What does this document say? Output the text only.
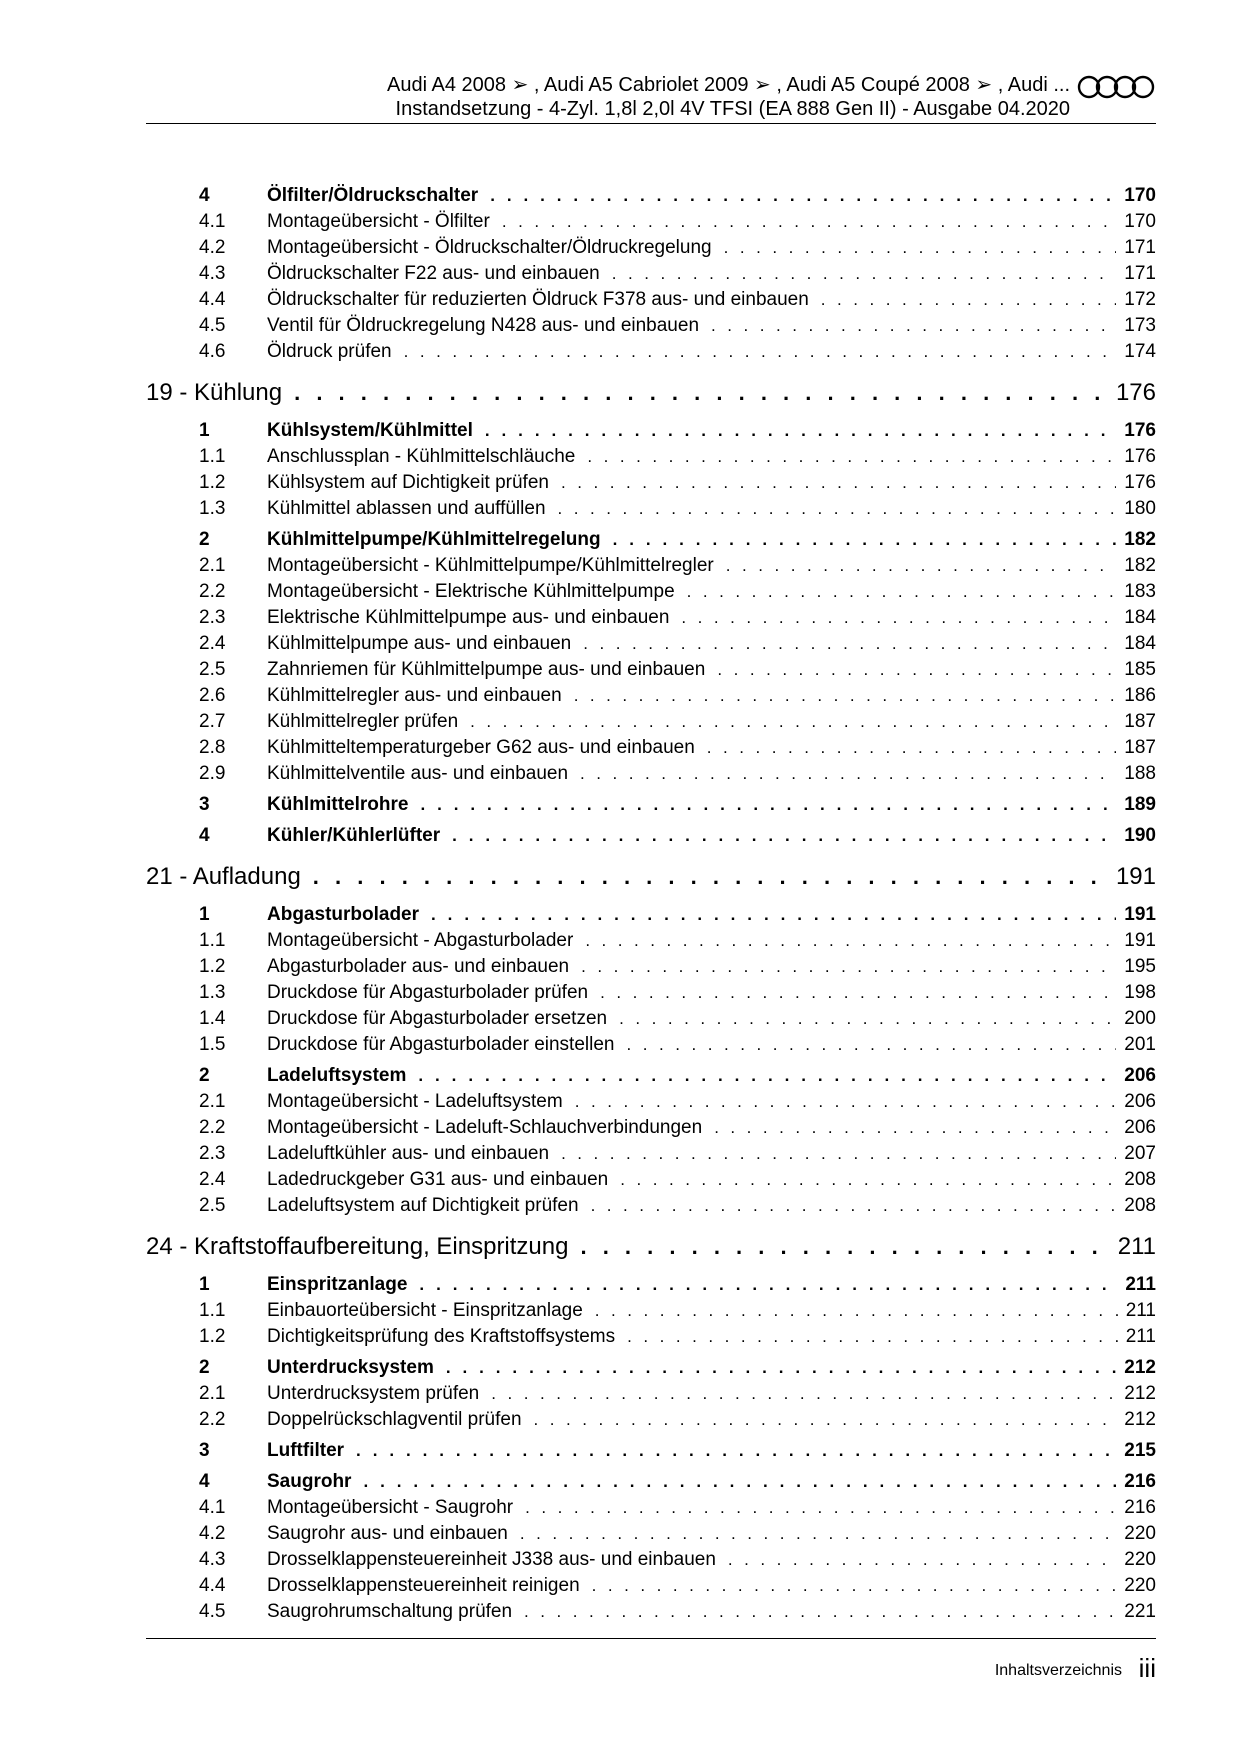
Audi A4 2008 ➢ , Audi A5 Cabriolet 2009 ➢ , Audi A5 Coupé 2008 ➢ , Audi ...
Instandsetzung - 4-Zyl. 1,8l 2,0l 4V TFSI (EA 888 Gen II) - Ausgabe 04.2020
4	Ölfilter/Öldruckschalter . . .	170
4.1	Montageübersicht - Ölfilter . . .	170
4.2	Montageübersicht - Öldruckschalter/Öldruckregelung . . .	171
4.3	Öldruckschalter F22 aus- und einbauen . . .	171
4.4	Öldruckschalter für reduzierten Öldruck F378 aus- und einbauen . . .	172
4.5	Ventil für Öldruckregelung N428 aus- und einbauen . . .	173
4.6	Öldruck prüfen . . .	174
19 - Kühlung . . .	176
1	Kühlsystem/Kühlmittel . . .	176
1.1	Anschlussplan - Kühlmittelschläuche . . .	176
1.2	Kühlsystem auf Dichtigkeit prüfen . . .	176
1.3	Kühlmittel ablassen und auffüllen . . .	180
2	Kühlmittelpumpe/Kühlmittelregelung . . .	182
2.1	Montageübersicht - Kühlmittelpumpe/Kühlmittelregler . . .	182
2.2	Montageübersicht - Elektrische Kühlmittelpumpe . . .	183
2.3	Elektrische Kühlmittelpumpe aus- und einbauen . . .	184
2.4	Kühlmittelpumpe aus- und einbauen . . .	184
2.5	Zahnriemen für Kühlmittelpumpe aus- und einbauen . . .	185
2.6	Kühlmittelregler aus- und einbauen . . .	186
2.7	Kühlmittelregler prüfen . . .	187
2.8	Kühlmitteltemperaturgeber G62 aus- und einbauen . . .	187
2.9	Kühlmittelventile aus- und einbauen . . .	188
3	Kühlmittelrohre . . .	189
4	Kühler/Kühlerlüfter . . .	190
21 - Aufladung . . .	191
1	Abgasturbolader . . .	191
1.1	Montageübersicht - Abgasturbolader . . .	191
1.2	Abgasturbolader aus- und einbauen . . .	195
1.3	Druckdose für Abgasturbolader prüfen . . .	198
1.4	Druckdose für Abgasturbolader ersetzen . . .	200
1.5	Druckdose für Abgasturbolader einstellen . . .	201
2	Ladeluftsystem . . .	206
2.1	Montageübersicht - Ladeluftsystem . . .	206
2.2	Montageübersicht - Ladeluft-Schlauchverbindungen . . .	206
2.3	Ladeluftkühler aus- und einbauen . . .	207
2.4	Ladedruckgeber G31 aus- und einbauen . . .	208
2.5	Ladeluftsystem auf Dichtigkeit prüfen . . .	208
24 - Kraftstoffaufbereitung, Einspritzung . . .	211
1	Einspritzanlage . . .	211
1.1	Einbauorteübersicht - Einspritzanlage . . .	211
1.2	Dichtigkeitsprüfung des Kraftstoffsystems . . .	211
2	Unterdrucksystem . . .	212
2.1	Unterdrucksystem prüfen . . .	212
2.2	Doppelrückschlagventil prüfen . . .	212
3	Luftfilter . . .	215
4	Saugrohr . . .	216
4.1	Montageübersicht - Saugrohr . . .	216
4.2	Saugrohr aus- und einbauen . . .	220
4.3	Drosselklappensteuereinheit J338 aus- und einbauen . . .	220
4.4	Drosselklappensteuereinheit reinigen . . .	220
4.5	Saugrohrumschaltung prüfen . . .	221
Inhaltsverzeichnis iii
